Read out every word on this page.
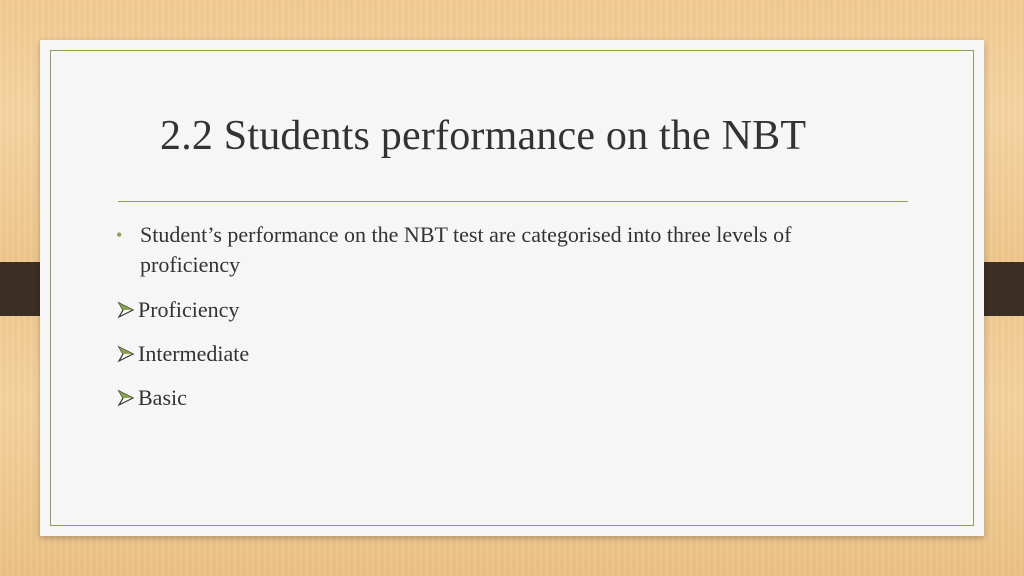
2.2 Students performance on the NBT
• Student’s performance on the NBT test are categorised into three levels of proficiency
Proficiency
Intermediate
Basic
